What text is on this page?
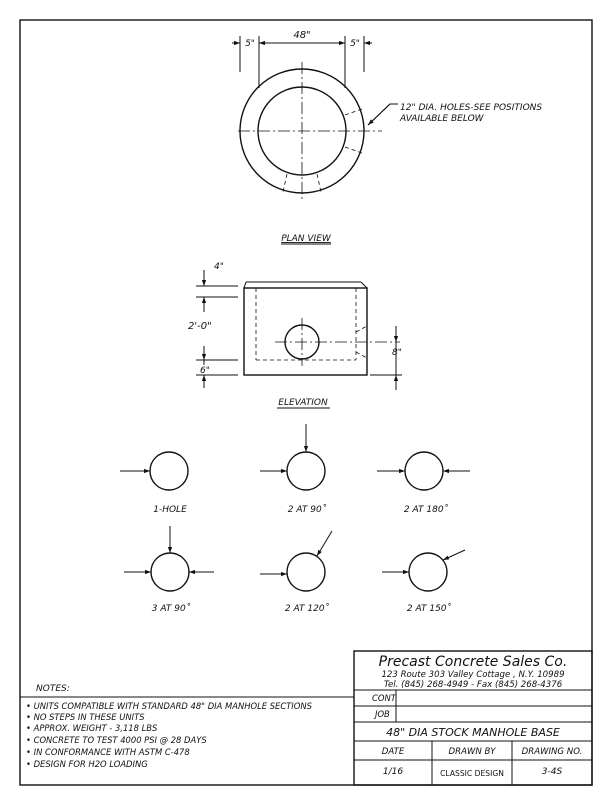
48"
5"	5"
12" DIA. HOLES-SEE POSITIONS
AVAILABLE BELOW
PLAN VIEW
4"
2'-0"
6"
8"
ELEVATION
1-HOLE	2 AT 90˚	2 AT 180˚
3 AT 90˚	2 AT 120˚	2 AT 150˚
NOTES:
• UNITS COMPATIBLE WITH STANDARD 48" DIA MANHOLE SECTIONS
• NO STEPS IN THESE UNITS
• APPROX. WEIGHT - 3,118 LBS
• CONCRETE TO TEST 4000 PSI @ 28 DAYS
• IN CONFORMANCE WITH ASTM C-478
• DESIGN FOR H2O LOADING
Precast Concrete Sales Co.
123 Route 303 Valley Cottage , N.Y. 10989
Tel. (845) 268-4949 - Fax (845) 268-4376
CONT.
JOB
48" DIA STOCK MANHOLE BASE
DATE	DRAWN BY	DRAWING NO.
1/16	CLASSIC DESIGN	3-4S
